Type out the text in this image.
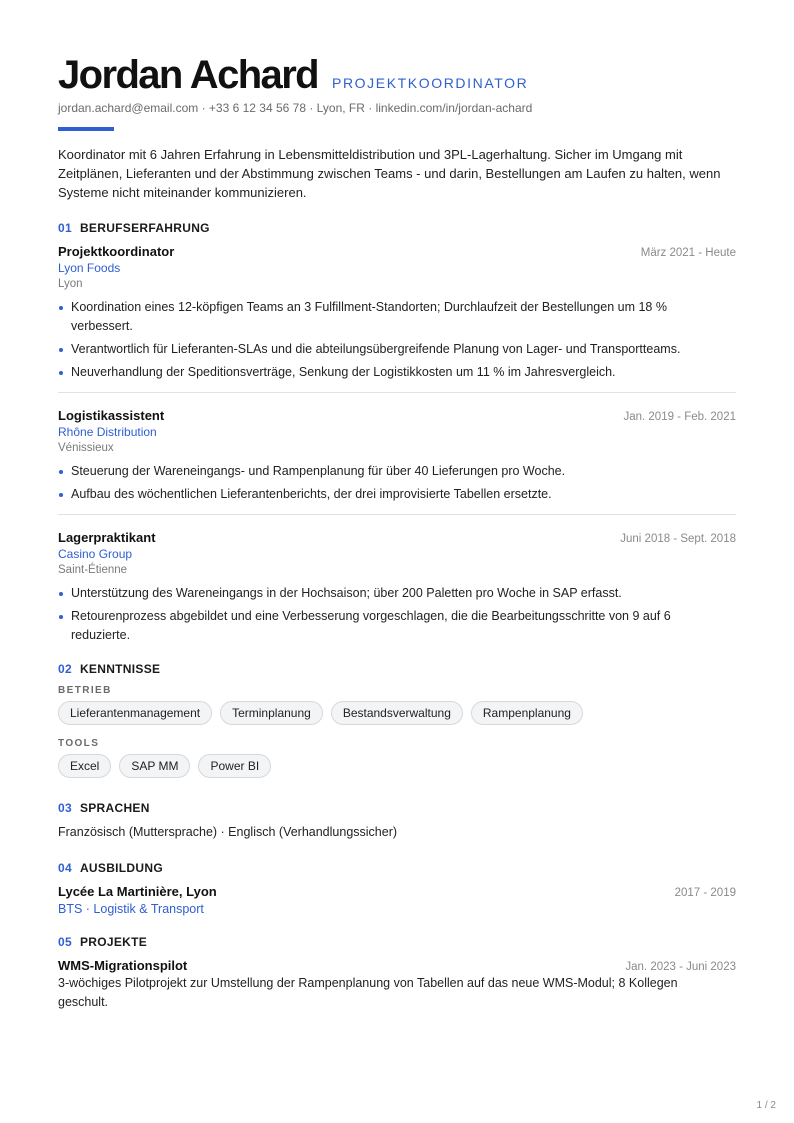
Jordan Achard PROJEKTKOORDINATOR
jordan.achard@email.com · +33 6 12 34 56 78 · Lyon, FR · linkedin.com/in/jordan-achard

Koordinator mit 6 Jahren Erfahrung in Lebensmitteldistribution und 3PL-Lagerhaltung. Sicher im Umgang mit Zeitplänen, Lieferanten und der Abstimmung zwischen Teams - und darin, Bestellungen am Laufen zu halten, wenn Systeme nicht miteinander kommunizieren.

01 BERUFSERFAHRUNG
Projektkoordinator	März 2021 - Heute
Lyon Foods
Lyon
Koordination eines 12-köpfigen Teams an 3 Fulfillment-Standorten; Durchlaufzeit der Bestellungen um 18 % verbessert.
Verantwortlich für Lieferanten-SLAs und die abteilungsübergreifende Planung von Lager- und Transportteams.
Neuverhandlung der Speditionsverträge, Senkung der Logistikkosten um 11 % im Jahresvergleich.
Logistikassistent	Jan. 2019 - Feb. 2021
Rhône Distribution
Vénissieux
Steuerung der Wareneingangs- und Rampenplanung für über 40 Lieferungen pro Woche.
Aufbau des wöchentlichen Lieferantenberichts, der drei improvisierte Tabellen ersetzte.
Lagerpraktikant	Juni 2018 - Sept. 2018
Casino Group
Saint-Étienne
Unterstützung des Wareneingangs in der Hochsaison; über 200 Paletten pro Woche in SAP erfasst.
Retourenprozess abgebildet und eine Verbesserung vorgeschlagen, die die Bearbeitungsschritte von 9 auf 6 reduzierte.
02 KENNTNISSE
BETRIEB
Lieferantenmanagement	Terminplanung	Bestandsverwaltung	Rampenplanung
TOOLS
Excel	SAP MM	Power BI
03 SPRACHEN
Französisch (Muttersprache) · Englisch (Verhandlungssicher)
04 AUSBILDUNG
Lycée La Martinière, Lyon	2017 - 2019
BTS · Logistik & Transport
05 PROJEKTE
WMS-Migrationspilot	Jan. 2023 - Juni 2023
3-wöchiges Pilotprojekt zur Umstellung der Rampenplanung von Tabellen auf das neue WMS-Modul; 8 Kollegen geschult.
1 / 2
